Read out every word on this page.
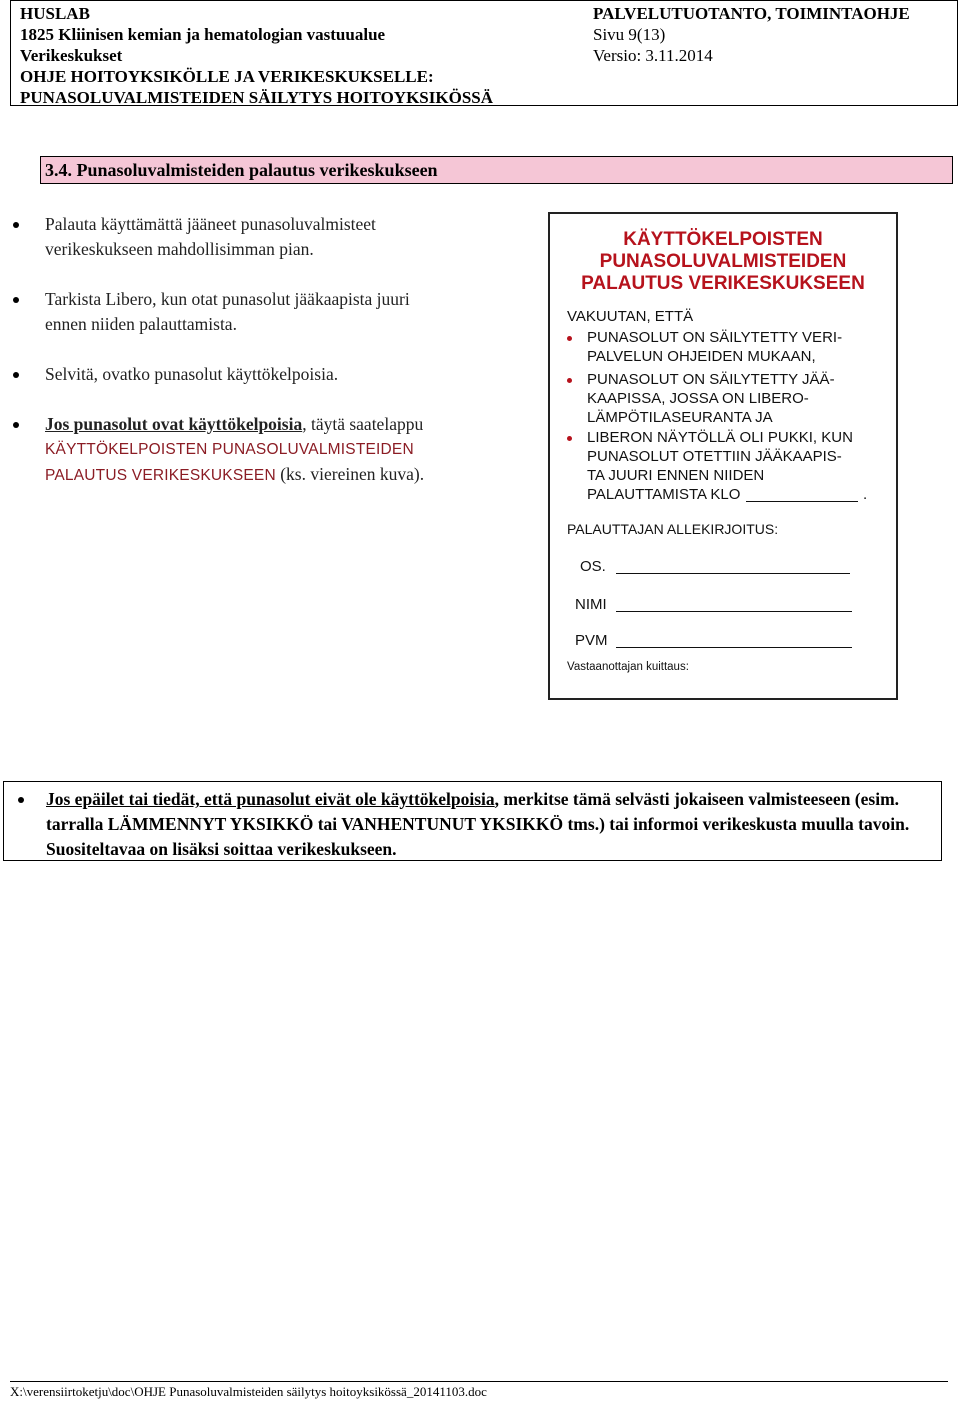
HUSLAB
1825 Kliinisen kemian ja hematologian vastuualue
Verikeskukset
OHJE HOITOYKSIKÖLLE JA VERIKESKUKSELLE:
PUNASOLUVALMISTEIDEN SÄILYTYS HOITOYKSIKÖSSÄ
PALVELUTUOTANTO, TOIMINTAOHJE
Sivu 9(13)
Versio: 3.11.2014
3.4. Punasoluvalmisteiden palautus verikeskukseen
Palauta käyttämättä jääneet punasoluvalmisteet
verikeskukseen mahdollisimman pian.
Tarkista Libero, kun otat punasolut jääkaapista juuri
ennen niiden palauttamista.
Selvitä, ovatko punasolut käyttökelpoisia.
Jos punasolut ovat käyttökelpoisia, täytä saatelappu
KÄYTTÖKELPOISTEN PUNASOLUVALMISTEIDEN
PALAUTUS VERIKESKUKSEEN (ks. viereinen kuva).
KÄYTTÖKELPOISTEN
PUNASOLUVALMISTEIDEN
PALAUTUS VERIKESKUKSEEN
VAKUUTAN, ETTÄ
PUNASOLUT ON SÄILYTETTY VERI-
PALVELUN OHJEIDEN MUKAAN,
PUNASOLUT ON SÄILYTETTY JÄÄ-
KAAPISSA, JOSSA ON LIBERO-
LÄMPÖTILASEURANTA JA
LIBERON NÄYTÖLLÄ OLI PUKKI, KUN
PUNASOLUT OTETTIIN JÄÄKAAPIS-
TA JUURI ENNEN NIIDEN
PALAUTTAMISTA KLO	.
PALAUTTAJAN ALLEKIRJOITUS:
OS.
NIMI
PVM
Vastaanottajan kuittaus:
Jos epäilet tai tiedät, että punasolut eivät ole käyttökelpoisia, merkitse tämä selvästi jokaiseen valmisteeseen (esim. tarralla LÄMMENNYT YKSIKKÖ tai VANHENTUNUT YKSIKKÖ tms.) tai informoi verikeskusta muulla tavoin. Suositeltavaa on lisäksi soittaa verikeskukseen.
X:\verensiirtoketju\doc\OHJE Punasoluvalmisteiden säilytys hoitoyksikössä_20141103.doc
